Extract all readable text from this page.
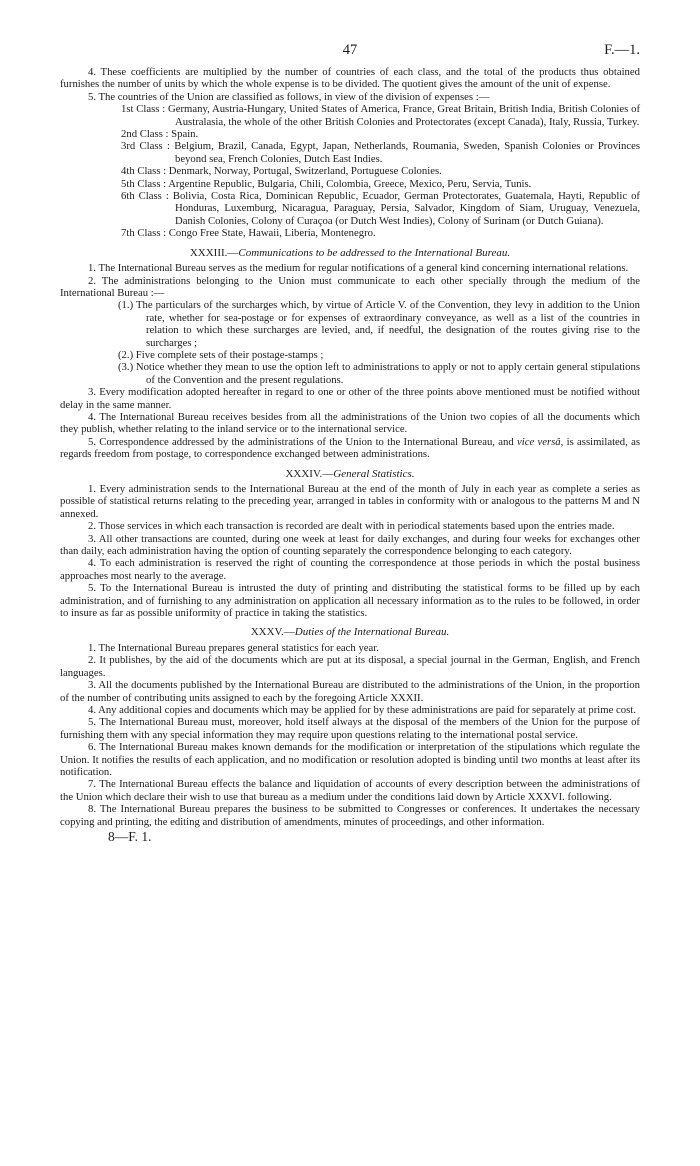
47	F.—1.

4. These coefficients are multiplied by the number of countries of each class, and the total of the products thus obtained furnishes the number of units by which the whole expense is to be divided. The quotient gives the amount of the unit of expense.

5. The countries of the Union are classified as follows, in view of the division of expenses :—

1st Class : Germany, Austria-Hungary, United States of America, France, Great Britain, British India, British Colonies of Australasia, the whole of the other British Colonies and Protectorates (except Canada), Italy, Russia, Turkey.

2nd Class : Spain.

3rd Class : Belgium, Brazil, Canada, Egypt, Japan, Netherlands, Roumania, Sweden, Spanish Colonies or Provinces beyond sea, French Colonies, Dutch East Indies.

4th Class : Denmark, Norway, Portugal, Switzerland, Portuguese Colonies.

5th Class : Argentine Republic, Bulgaria, Chili, Colombia, Greece, Mexico, Peru, Servia, Tunis.

6th Class : Bolivia, Costa Rica, Dominican Republic, Ecuador, German Protectorates, Guatemala, Hayti, Republic of Honduras, Luxemburg, Nicaragua, Paraguay, Persia, Salvador, Kingdom of Siam, Uruguay, Venezuela, Danish Colonies, Colony of Curaçoa (or Dutch West Indies), Colony of Surinam (or Dutch Guiana).

7th Class : Congo Free State, Hawaii, Liberia, Montenegro.

XXXIII.—Communications to be addressed to the International Bureau.

1. The International Bureau serves as the medium for regular notifications of a general kind concerning international relations.

2. The administrations belonging to the Union must communicate to each other specially through the medium of the International Bureau :—

(1.) The particulars of the surcharges which, by virtue of Article V. of the Convention, they levy in addition to the Union rate, whether for sea-postage or for expenses of extraordinary conveyance, as well as a list of the countries in relation to which these surcharges are levied, and, if needful, the designation of the routes giving rise to the surcharges ;

(2.) Five complete sets of their postage-stamps ;

(3.) Notice whether they mean to use the option left to administrations to apply or not to apply certain general stipulations of the Convention and the present regulations.

3. Every modification adopted hereafter in regard to one or other of the three points above mentioned must be notified without delay in the same manner.

4. The International Bureau receives besides from all the administrations of the Union two copies of all the documents which they publish, whether relating to the inland service or to the international service.

5. Correspondence addressed by the administrations of the Union to the International Bureau, and vice versâ, is assimilated, as regards freedom from postage, to correspondence exchanged between administrations.

XXXIV.—General Statistics.

1. Every administration sends to the International Bureau at the end of the month of July in each year as complete a series as possible of statistical returns relating to the preceding year, arranged in tables in conformity with or analogous to the patterns M and N annexed.

2. Those services in which each transaction is recorded are dealt with in periodical statements based upon the entries made.

3. All other transactions are counted, during one week at least for daily exchanges, and during four weeks for exchanges other than daily, each administration having the option of counting separately the correspondence belonging to each category.

4. To each administration is reserved the right of counting the correspondence at those periods in which the postal business approaches most nearly to the average.

5. To the International Bureau is intrusted the duty of printing and distributing the statistical forms to be filled up by each administration, and of furnishing to any administration on application all necessary information as to the rules to be followed, in order to insure as far as possible uniformity of practice in taking the statistics.

XXXV.—Duties of the International Bureau.

1. The International Bureau prepares general statistics for each year.

2. It publishes, by the aid of the documents which are put at its disposal, a special journal in the German, English, and French languages.

3. All the documents published by the International Bureau are distributed to the administrations of the Union, in the proportion of the number of contributing units assigned to each by the foregoing Article XXXII.

4. Any additional copies and documents which may be applied for by these administrations are paid for separately at prime cost.

5. The International Bureau must, moreover, hold itself always at the disposal of the members of the Union for the purpose of furnishing them with any special information they may require upon questions relating to the international postal service.

6. The International Bureau makes known demands for the modification or interpretation of the stipulations which regulate the Union. It notifies the results of each application, and no modification or resolution adopted is binding until two months at least after its notification.

7. The International Bureau effects the balance and liquidation of accounts of every description between the administrations of the Union which declare their wish to use that bureau as a medium under the conditions laid down by Article XXXVI. following.

8. The International Bureau prepares the business to be submitted to Congresses or conferences. It undertakes the necessary copying and printing, the editing and distribution of amendments, minutes of proceedings, and other information.

8—F. 1.
